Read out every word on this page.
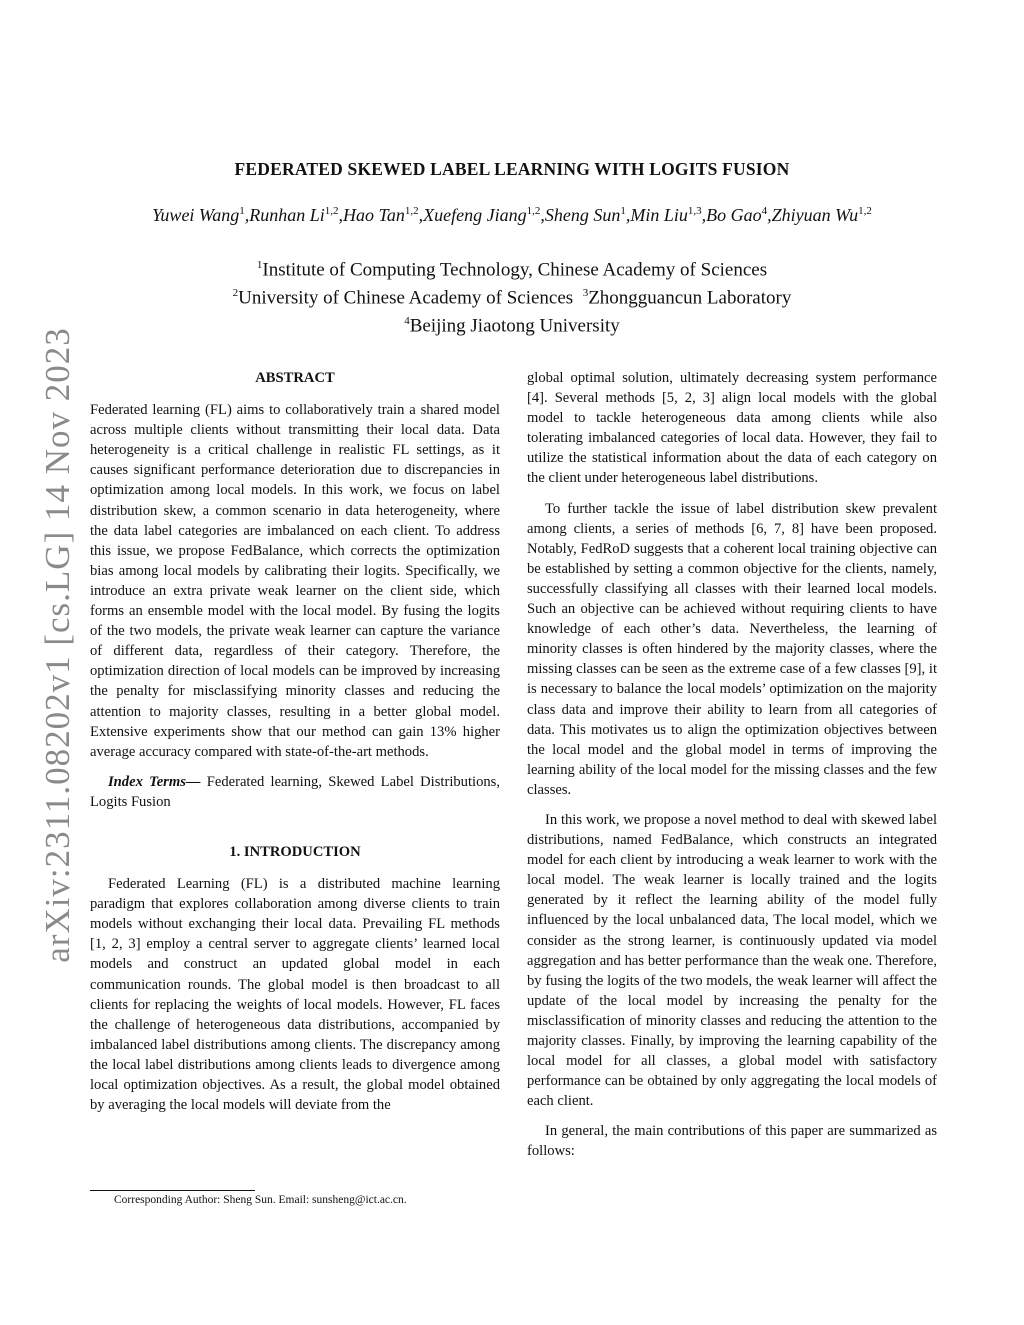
arXiv:2311.08202v1 [cs.LG] 14 Nov 2023
FEDERATED SKEWED LABEL LEARNING WITH LOGITS FUSION
Yuwei Wang$^1$,Runhan Li$^{1,2}$,Hao Tan$^{1,2}$,Xuefeng Jiang$^{1,2}$,Sheng Sun$^1$,Min Liu$^{1,3}$,Bo Gao$^4$,Zhiyuan Wu$^{1,2}$
$^1$Institute of Computing Technology, Chinese Academy of Sciences
$^2$University of Chinese Academy of Sciences $^3$Zhongguancun Laboratory
$^4$Beijing Jiaotong University
ABSTRACT

Federated learning (FL) aims to collaboratively train a shared model across multiple clients without transmitting their local data. Data heterogeneity is a critical challenge in realistic FL settings, as it causes significant performance deterioration due to discrepancies in optimization among local models. In this work, we focus on label distribution skew, a common scenario in data heterogeneity, where the data label categories are imbalanced on each client. To address this issue, we propose FedBalance, which corrects the optimization bias among local models by calibrating their logits. Specifically, we introduce an extra private weak learner on the client side, which forms an ensemble model with the local model. By fusing the logits of the two models, the private weak learner can capture the variance of different data, regardless of their category. Therefore, the optimization direction of local models can be improved by increasing the penalty for misclassifying minority classes and reducing the attention to majority classes, resulting in a better global model. Extensive experiments show that our method can gain 13% higher average accuracy compared with state-of-the-art methods.

Index Terms— Federated learning, Skewed Label Distributions, Logits Fusion

1. INTRODUCTION

Federated Learning (FL) is a distributed machine learning paradigm that explores collaboration among diverse clients to train models without exchanging their local data. Prevailing FL methods [1, 2, 3] employ a central server to aggregate clients’ learned local models and construct an updated global model in each communication rounds. The global model is then broadcast to all clients for replacing the weights of local models. However, FL faces the challenge of heterogeneous data distributions, accompanied by imbalanced label distributions among clients. The discrepancy among the local label distributions among clients leads to divergence among local optimization objectives. As a result, the global model obtained by averaging the local models will deviate from the

global optimal solution, ultimately decreasing system performance [4]. Several methods [5, 2, 3] align local models with the global model to tackle heterogeneous data among clients while also tolerating imbalanced categories of local data. However, they fail to utilize the statistical information about the data of each category on the client under heterogeneous label distributions.

To further tackle the issue of label distribution skew prevalent among clients, a series of methods [6, 7, 8] have been proposed. Notably, FedRoD suggests that a coherent local training objective can be established by setting a common objective for the clients, namely, successfully classifying all classes with their learned local models. Such an objective can be achieved without requiring clients to have knowledge of each other’s data. Nevertheless, the learning of minority classes is often hindered by the majority classes, where the missing classes can be seen as the extreme case of a few classes [9], it is necessary to balance the local models’ optimization on the majority class data and improve their ability to learn from all categories of data. This motivates us to align the optimization objectives between the local model and the global model in terms of improving the learning ability of the local model for the missing classes and the few classes.

In this work, we propose a novel method to deal with skewed label distributions, named FedBalance, which constructs an integrated model for each client by introducing a weak learner to work with the local model. The weak learner is locally trained and the logits generated by it reflect the learning ability of the model fully influenced by the local unbalanced data, The local model, which we consider as the strong learner, is continuously updated via model aggregation and has better performance than the weak one. Therefore, by fusing the logits of the two models, the weak learner will affect the update of the local model by increasing the penalty for the misclassification of minority classes and reducing the attention to the majority classes. Finally, by improving the learning capability of the local model for all classes, a global model with satisfactory performance can be obtained by only aggregating the local models of each client.

In general, the main contributions of this paper are summarized as follows:

Corresponding Author: Sheng Sun. Email: sunsheng@ict.ac.cn.
